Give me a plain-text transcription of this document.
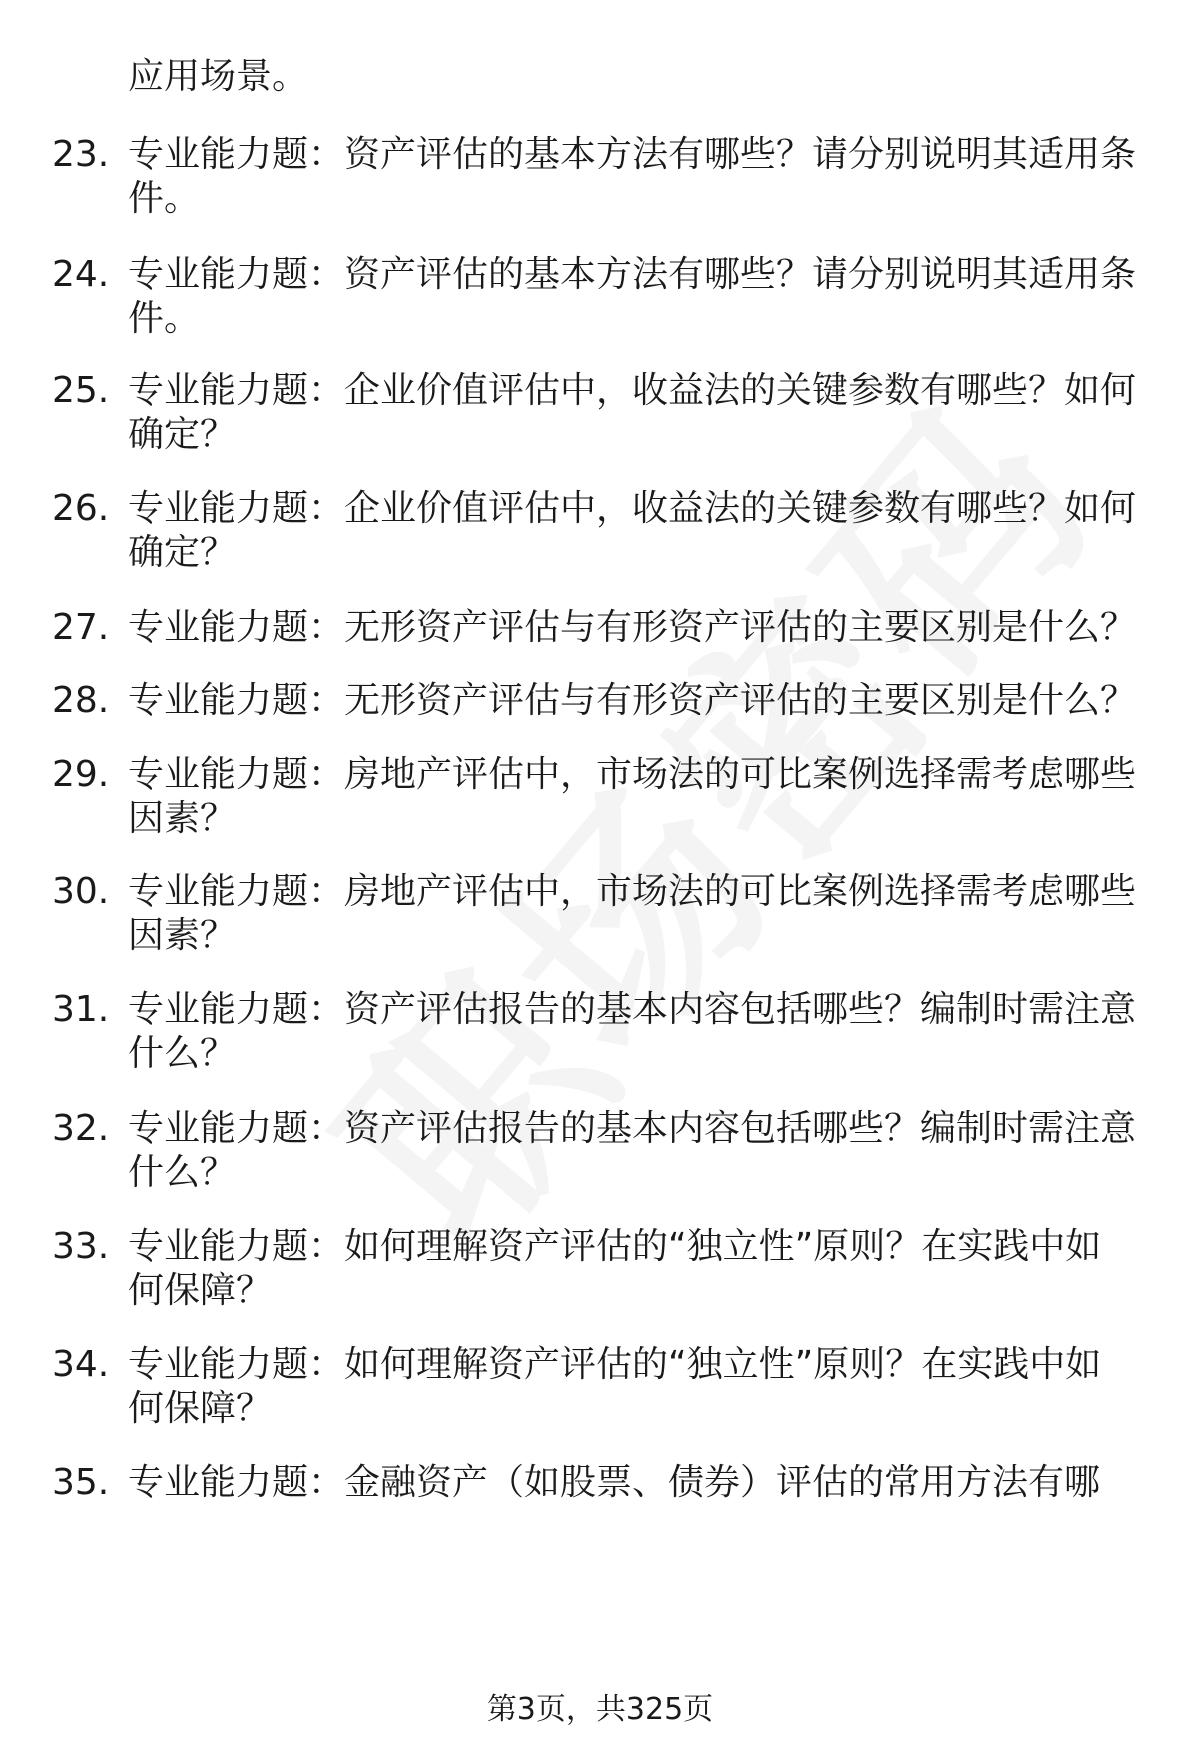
应用场景。
23. 专业能力题：资产评估的基本方法有哪些？请分别说明其适用条
件。
24. 专业能力题：资产评估的基本方法有哪些？请分别说明其适用条
件。
25. 专业能力题：企业价值评估中，收益法的关键参数有哪些？如何
确定？
26. 专业能力题：企业价值评估中，收益法的关键参数有哪些？如何
确定？
27. 专业能力题：无形资产评估与有形资产评估的主要区别是什么？
28. 专业能力题：无形资产评估与有形资产评估的主要区别是什么？
29. 专业能力题：房地产评估中，市场法的可比案例选择需考虑哪些
因素？
30. 专业能力题：房地产评估中，市场法的可比案例选择需考虑哪些
因素？
31. 专业能力题：资产评估报告的基本内容包括哪些？编制时需注意
什么？
32. 专业能力题：资产评估报告的基本内容包括哪些？编制时需注意
什么？
33. 专业能力题：如何理解资产评估的“独立性”原则？在实践中如
何保障？
34. 专业能力题：如何理解资产评估的“独立性”原则？在实践中如
何保障？
35. 专业能力题：金融资产（如股票、债券）评估的常用方法有哪
第3页，共325页
